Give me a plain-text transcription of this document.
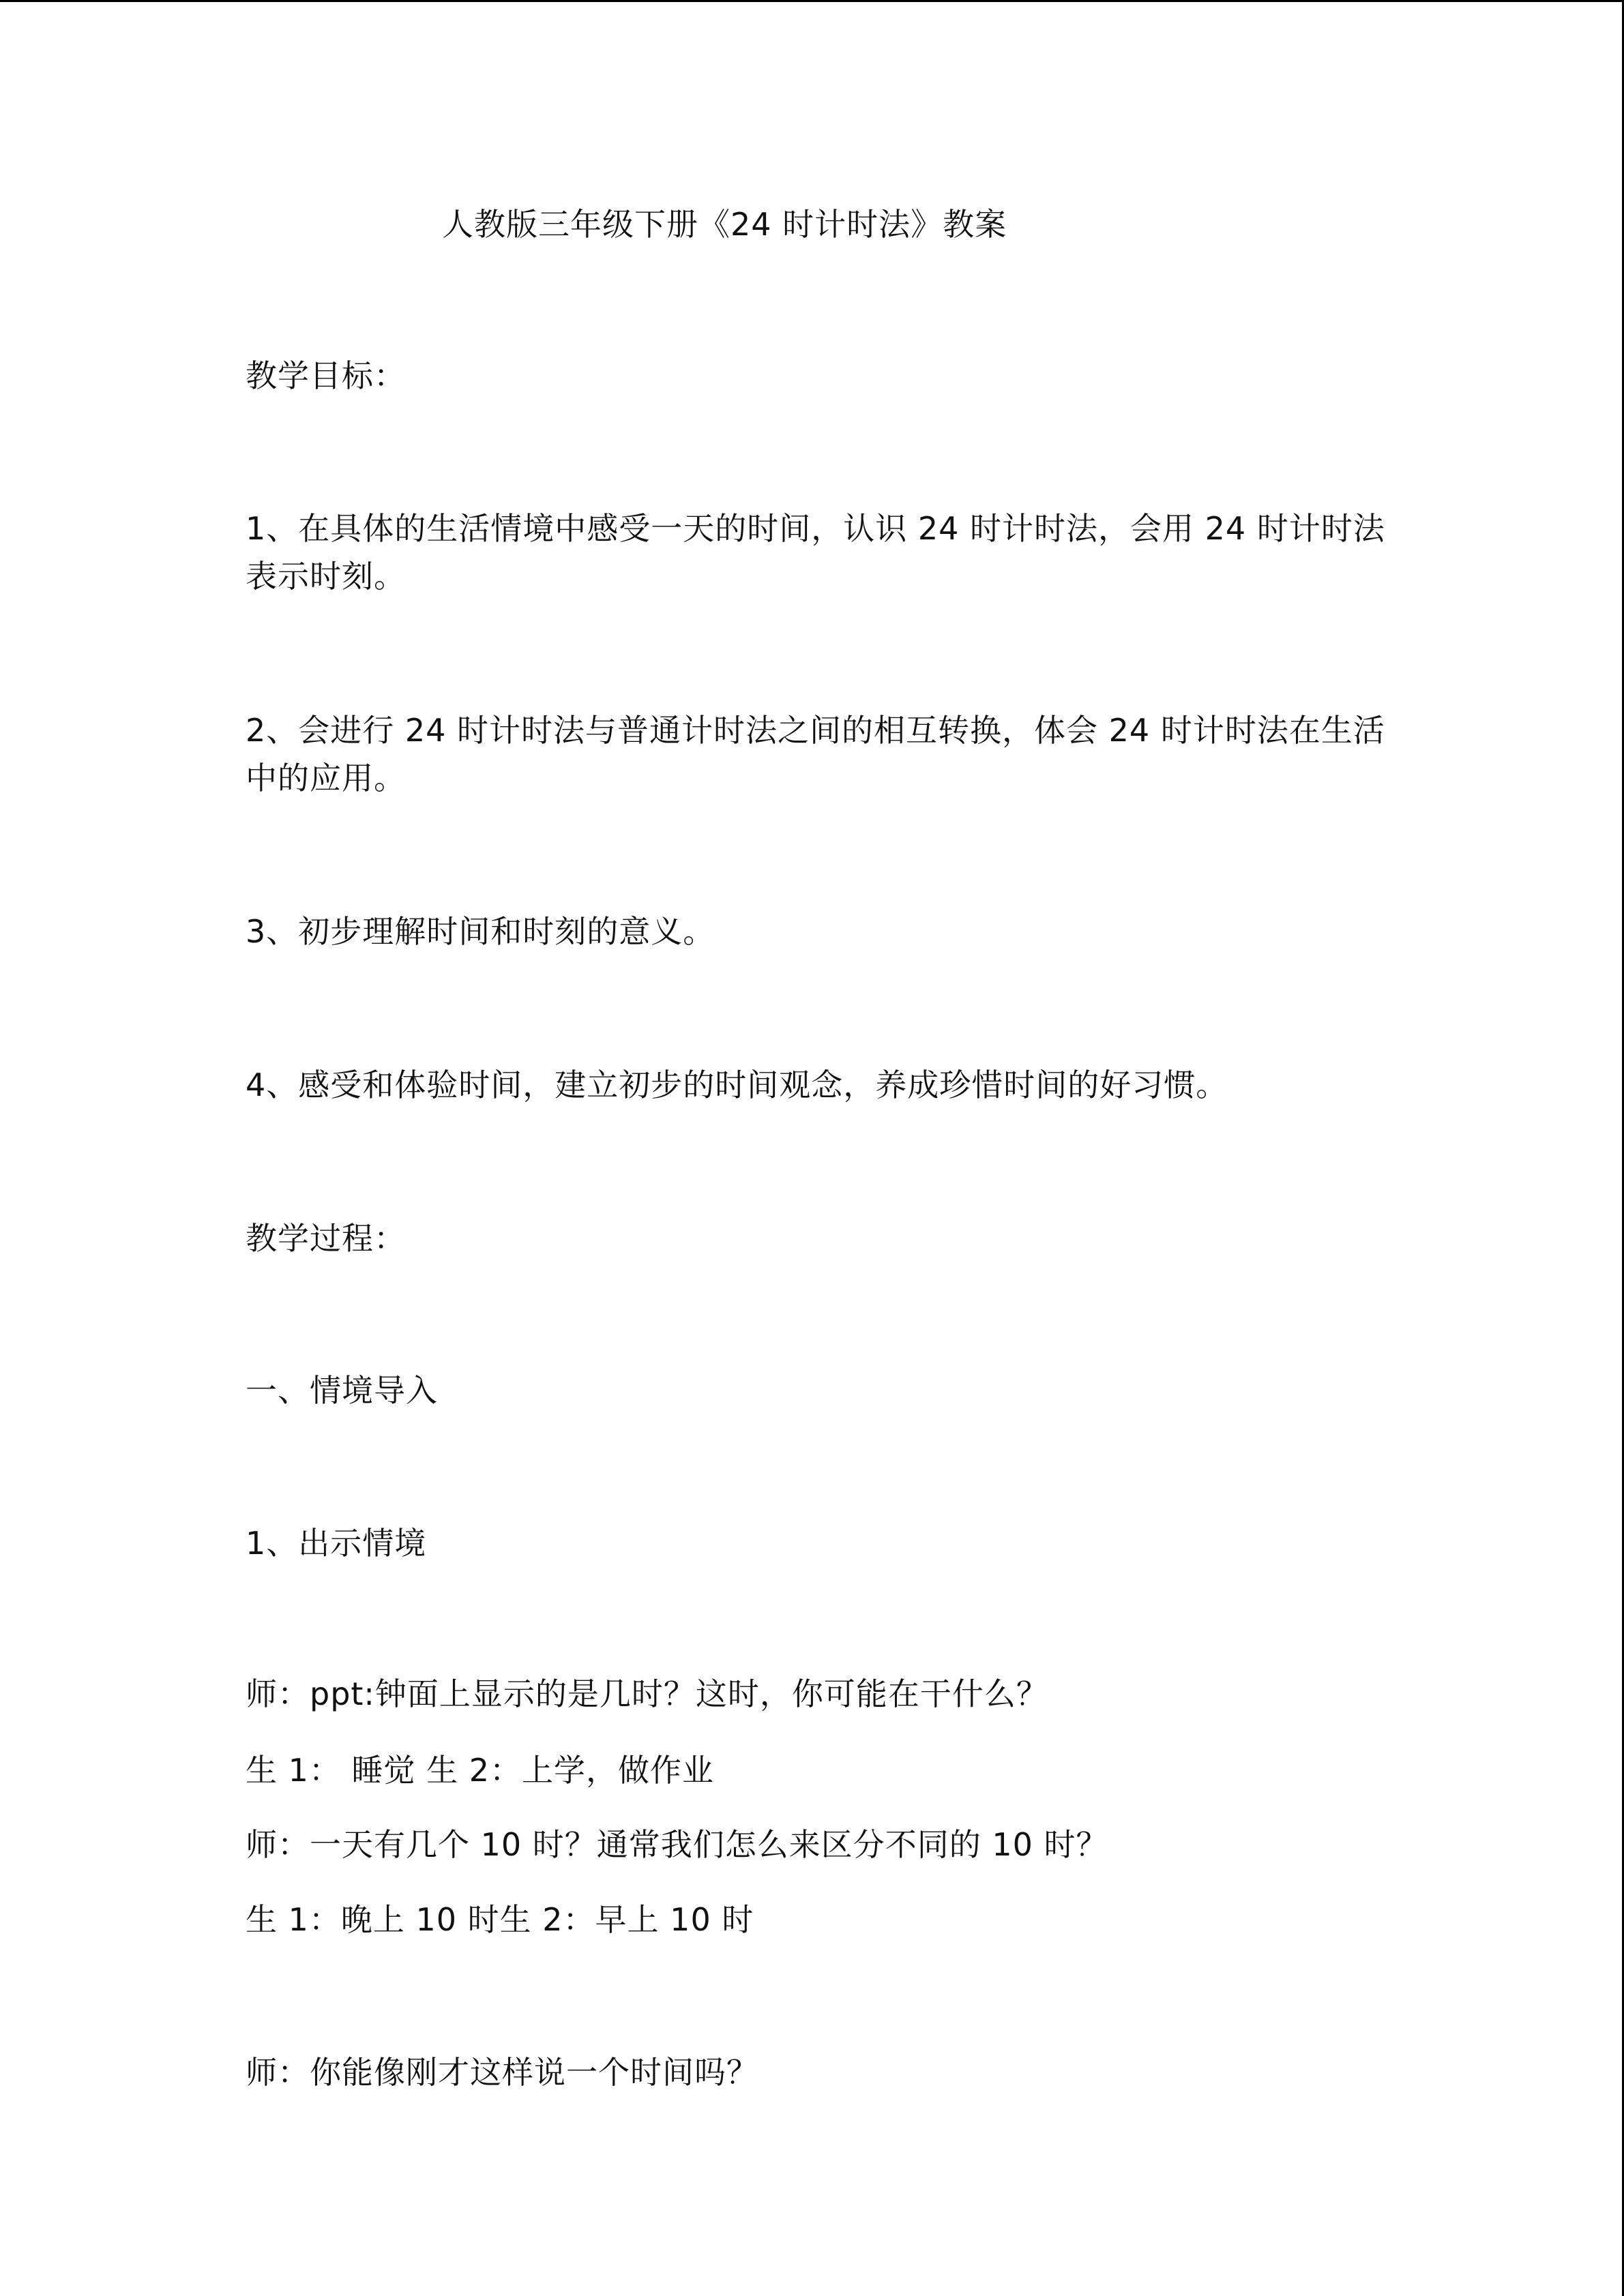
人教版三年级下册《24 时计时法》教案
教学目标：
1、在具体的生活情境中感受一天的时间，认识 24 时计时法，会用 24 时计时法
表示时刻。
2、会进行 24 时计时法与普通计时法之间的相互转换，体会 24 时计时法在生活
中的应用。
3、初步理解时间和时刻的意义。
4、感受和体验时间，建立初步的时间观念，养成珍惜时间的好习惯。
教学过程：
一、情境导入
1、出示情境
师：ppt:钟面上显示的是几时？这时，你可能在干什么？
生 1： 睡觉 生 2：上学，做作业
师：一天有几个 10 时？通常我们怎么来区分不同的 10 时？
生 1：晚上 10 时生 2：早上 10 时
师：你能像刚才这样说一个时间吗？
